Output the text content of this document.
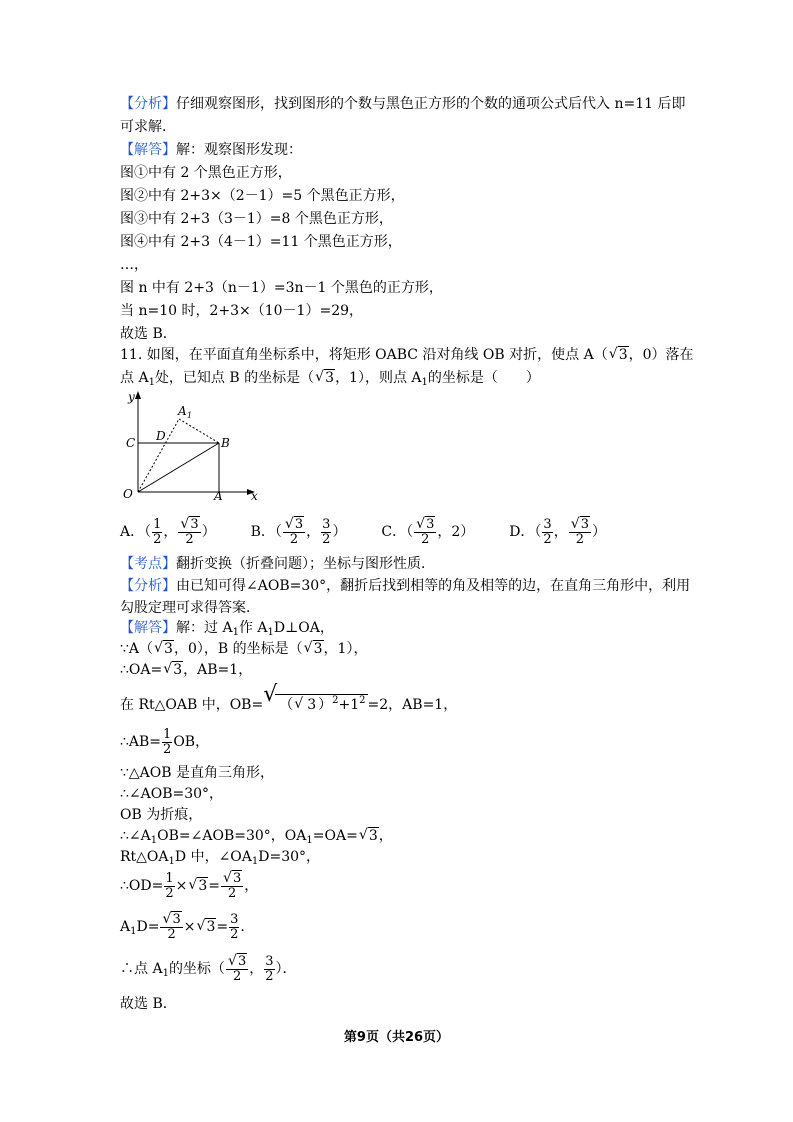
【分析】仔细观察图形，找到图形的个数与黑色正方形的个数的通项公式后代入 n=11 后即
可求解．
【解答】解：观察图形发现：
图①中有 2 个黑色正方形，
图②中有 2+3×（2－1）=5 个黑色正方形，
图③中有 2+3（3－1）=8 个黑色正方形，
图④中有 2+3（4－1）=11 个黑色正方形，
…，
图 n 中有 2+3（n－1）=3n－1 个黑色的正方形，
当 n=10 时，2+3×（10－1）=29，
故选 B．
11. 如图，在平面直角坐标系中，将矩形 OABC 沿对角线 OB 对折，使点 A（√ 3，0）落在
点 $A_1$处，已知点 B 的坐标是（√ 3，1），则点 $A_1$的坐标是（　　）
y
x
O	A
B
C D
A 1
A．（ $\frac{1}{2}$ ，
√ $\frac{3}{2}$ ） B．（
√ $\frac{3}{2}$ ， $\frac{3}{2}$ ） C．（
√ $\frac{3}{2}$ ，2） D．（ $\frac{3}{2}$ ，
√ $\frac{3}{2}$ ）
【考点】翻折变换（折叠问题）；坐标与图形性质．
【分析】由已知可得∠AOB=30°，翻折后找到相等的角及相等的边，在直角三角形中，利用
勾股定理可求得答案．
【解答】解：过 $A_1$作 $A_1D\perp OA$，
∵A（√ 3，0），B 的坐标是（√ 3，1），
∴OA=√ 3，AB=1，
在 Rt△OAB 中，OB=√ （√ 3 ）$^2+1^2 =2$，AB=1，
∴AB= $\frac{1}{2}$ OB，
∵△AOB 是直角三角形，
∴∠AOB=30°，
OB 为折痕，
$\therefore\angle A_1OB=\angle AOB=30^\circ$，$OA_1=OA=√$ 3，
$Rt\triangle OA_1D$ 中，$\angle OA_1D=30^\circ$，
∴OD= $\frac{1}{2}$ ×√ 3=
√ $\frac{3}{2}$ ，
$A_1D=$
√ $\frac{3}{2}$ ×√ $3= \frac{3}{2}$ ．
∴点 $A_1$的坐标（
√ $\frac{3}{2}$ ， $\frac{3}{2}$ ）．
故选 B．
第9页（共26页）
